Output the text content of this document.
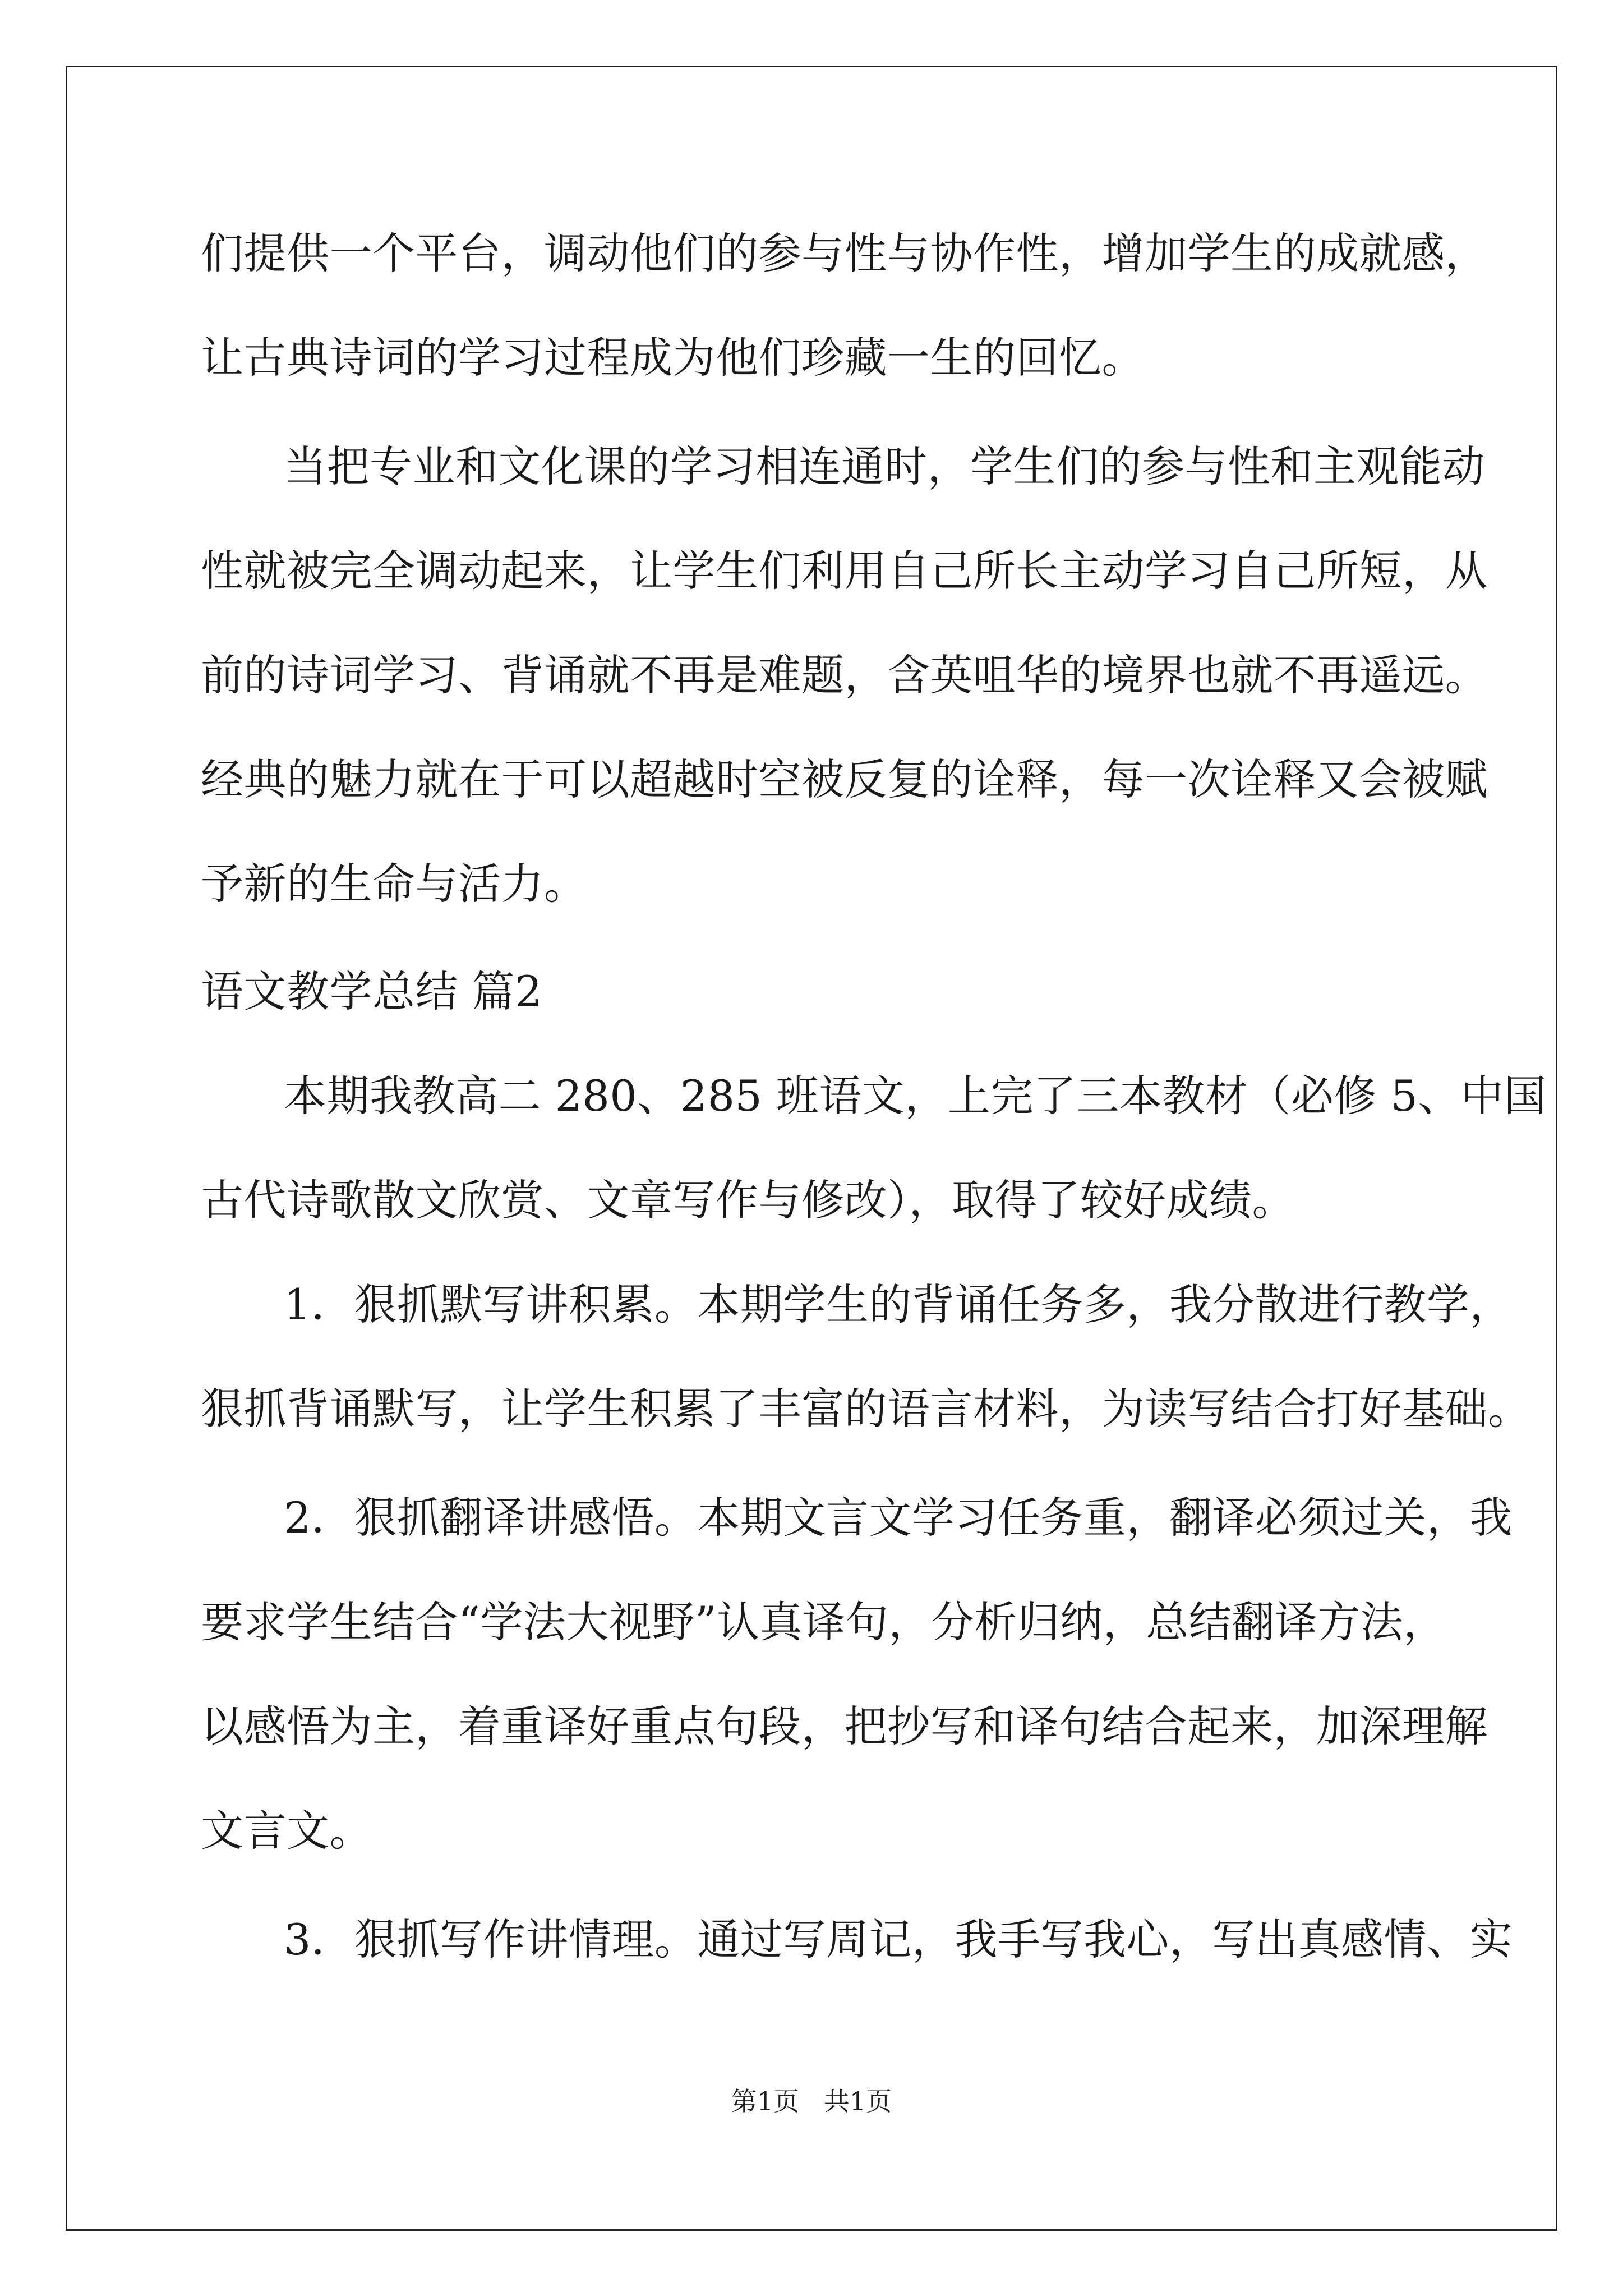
们提供一个平台，调动他们的参与性与协作性，增加学生的成就感，
让古典诗词的学习过程成为他们珍藏一生的回忆。
当把专业和文化课的学习相连通时，学生们的参与性和主观能动
性就被完全调动起来，让学生们利用自己所长主动学习自己所短，从
前的诗词学习、背诵就不再是难题，含英咀华的境界也就不再遥远。
经典的魅力就在于可以超越时空被反复的诠释，每一次诠释又会被赋
予新的生命与活力。
语文教学总结 篇2
本期我教高二 280、285 班语文，上完了三本教材（必修 5、中国
古代诗歌散文欣赏、文章写作与修改），取得了较好成绩。
1．狠抓默写讲积累。本期学生的背诵任务多，我分散进行教学，
狠抓背诵默写，让学生积累了丰富的语言材料，为读写结合打好基础。
2．狠抓翻译讲感悟。本期文言文学习任务重，翻译必须过关，我
要求学生结合“学法大视野”认真译句，分析归纳，总结翻译方法，
以感悟为主，着重译好重点句段，把抄写和译句结合起来，加深理解
文言文。
3．狠抓写作讲情理。通过写周记，我手写我心，写出真感情、实
第1页   共1页
